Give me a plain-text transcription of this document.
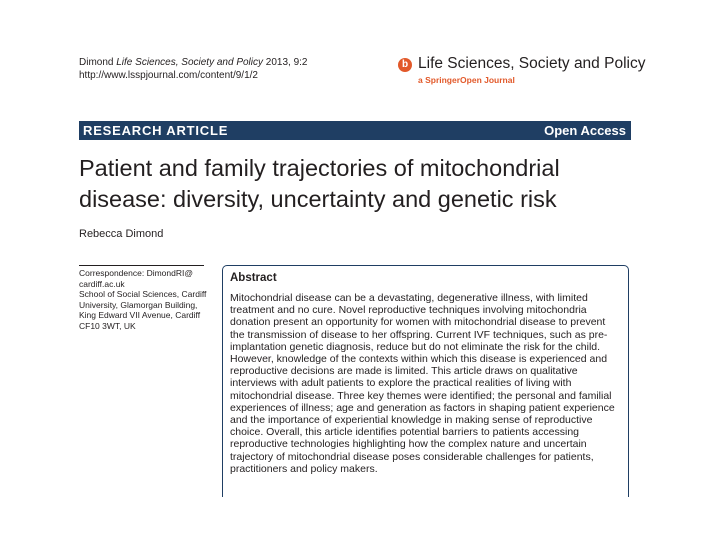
Dimond Life Sciences, Society and Policy 2013, 9:2
http://www.lsspjournal.com/content/9/1/2
b Life Sciences, Society and Policy
a SpringerOpen Journal
RESEARCH ARTICLE	Open Access
Patient and family trajectories of mitochondrial disease: diversity, uncertainty and genetic risk
Rebecca Dimond
Correspondence: DimondRI@
cardiff.ac.uk
School of Social Sciences, Cardiff
University, Glamorgan Building,
King Edward VII Avenue, Cardiff
CF10 3WT, UK
Abstract
Mitochondrial disease can be a devastating, degenerative illness, with limited treatment and no cure. Novel reproductive techniques involving mitochondria donation present an opportunity for women with mitochondrial disease to prevent the transmission of disease to her offspring. Current IVF techniques, such as pre-implantation genetic diagnosis, reduce but do not eliminate the risk for the child. However, knowledge of the contexts within which this disease is experienced and reproductive decisions are made is limited. This article draws on qualitative interviews with adult patients to explore the practical realities of living with mitochondrial disease. Three key themes were identified; the personal and familial experiences of illness; age and generation as factors in shaping patient experience and the importance of experiential knowledge in making sense of reproductive choice. Overall, this article identifies potential barriers to patients accessing reproductive technologies highlighting how the complex nature and uncertain trajectory of mitochondrial disease poses considerable challenges for patients, practitioners and policy makers.
